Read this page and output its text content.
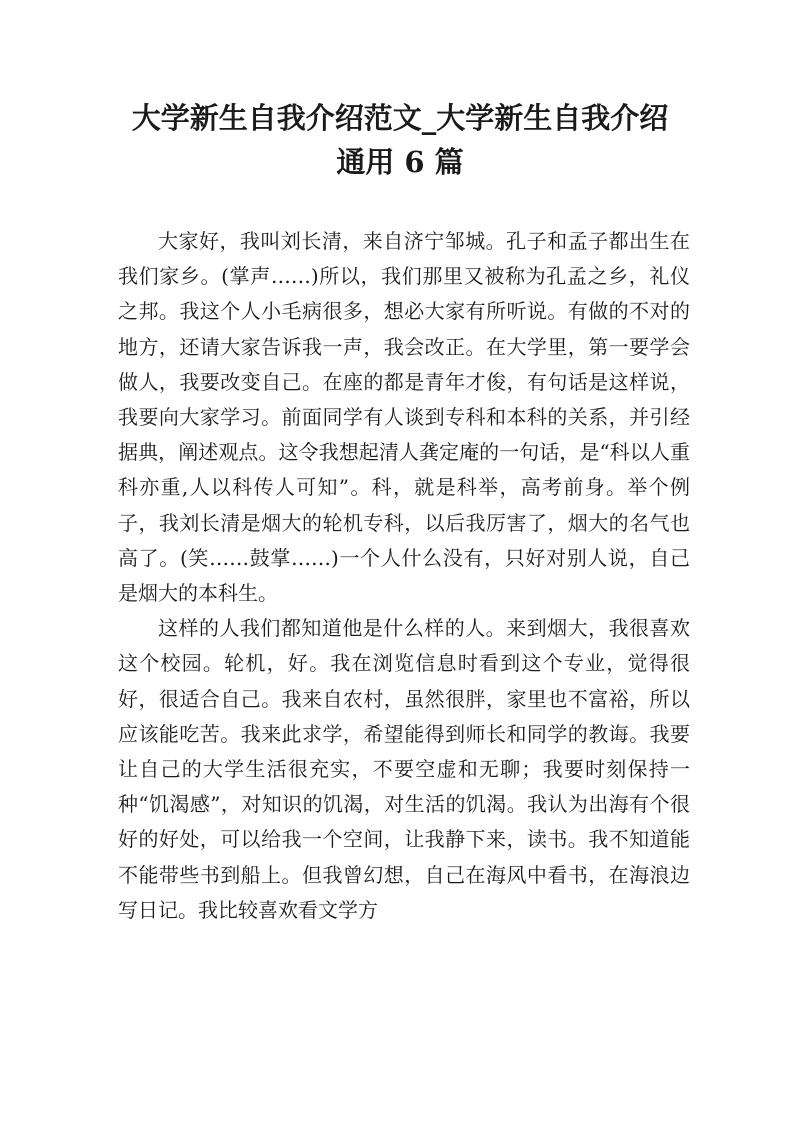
大学新生自我介绍范文_大学新生自我介绍
通用 6 篇

大家好，我叫刘长清，来自济宁邹城。孔子和孟子都出生在我们家乡。(掌声……)所以，我们那里又被称为孔孟之乡，礼仪之邦。我这个人小毛病很多，想必大家有所听说。有做的不对的地方，还请大家告诉我一声，我会改正。在大学里，第一要学会做人，我要改变自己。在座的都是青年才俊，有句话是这样说，我要向大家学习。前面同学有人谈到专科和本科的关系，并引经据典，阐述观点。这令我想起清人龚定庵的一句话，是“科以人重科亦重,人以科传人可知”。科，就是科举，高考前身。举个例子，我刘长清是烟大的轮机专科，以后我厉害了，烟大的名气也高了。(笑……鼓掌……)一个人什么没有，只好对别人说，自己是烟大的本科生。

这样的人我们都知道他是什么样的人。来到烟大，我很喜欢这个校园。轮机，好。我在浏览信息时看到这个专业，觉得很好，很适合自己。我来自农村，虽然很胖，家里也不富裕，所以应该能吃苦。我来此求学，希望能得到师长和同学的教诲。我要让自己的大学生活很充实，不要空虚和无聊；我要时刻保持一种“饥渴感”，对知识的饥渴，对生活的饥渴。我认为出海有个很好的好处，可以给我一个空间，让我静下来，读书。我不知道能不能带些书到船上。但我曾幻想，自己在海风中看书，在海浪边写日记。我比较喜欢看文学方
